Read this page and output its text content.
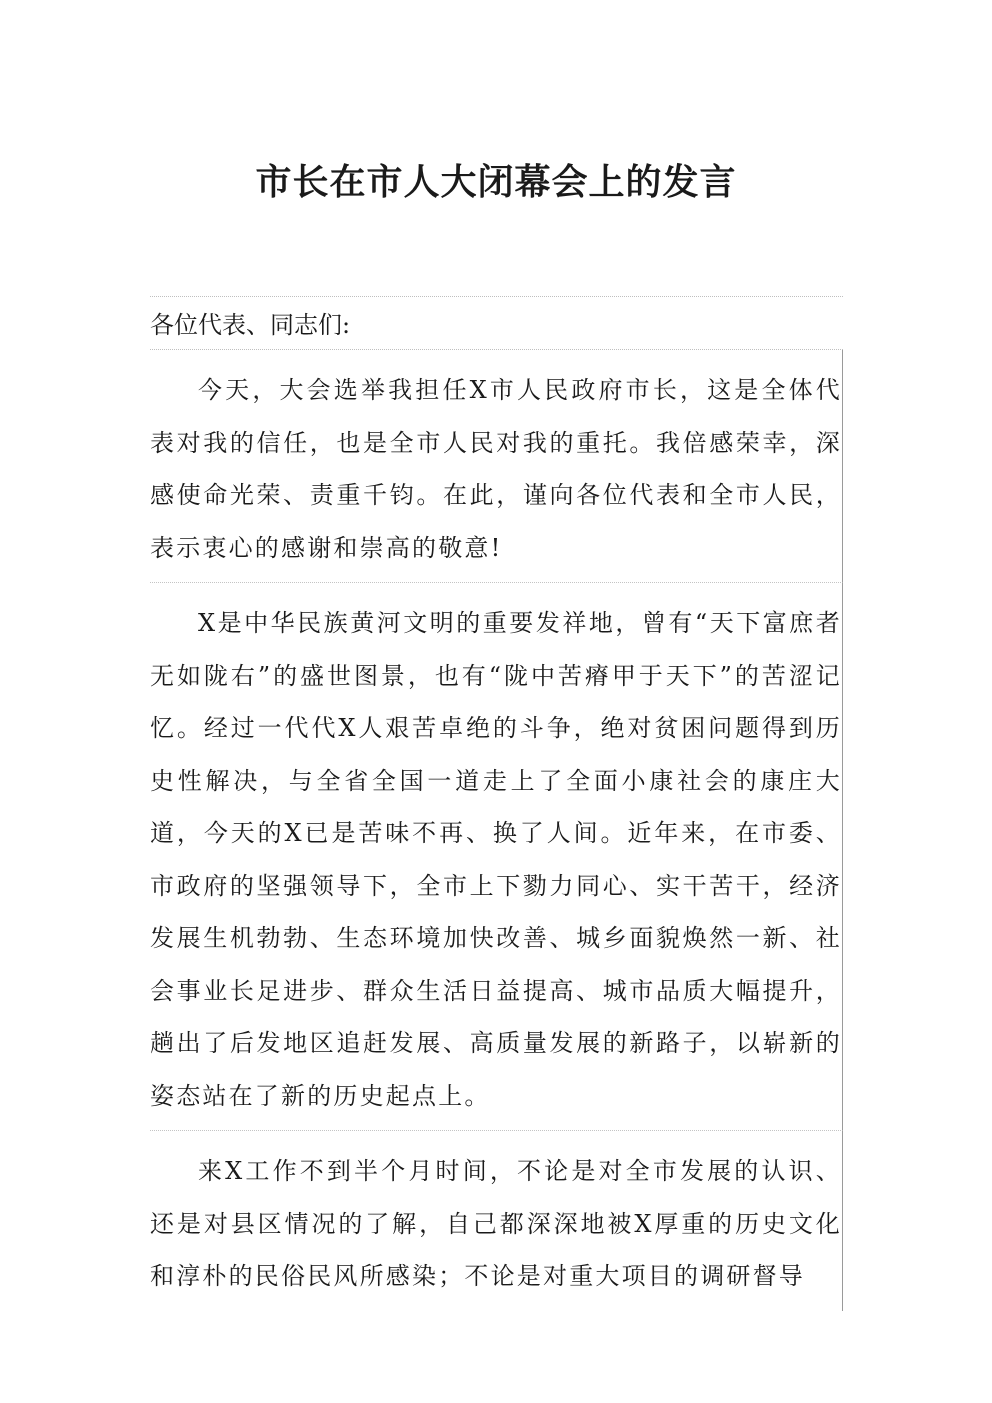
市长在市人大闭幕会上的发言
各位代表、同志们:

今天，大会选举我担任X市人民政府市长，这是全体代表对我的信任，也是全市人民对我的重托。我倍感荣幸，深感使命光荣、责重千钧。在此，谨向各位代表和全市人民，表示衷心的感谢和崇高的敬意!

X是中华民族黄河文明的重要发祥地，曾有“天下富庶者无如陇右”的盛世图景，也有“陇中苦瘠甲于天下”的苦涩记忆。经过一代代X人艰苦卓绝的斗争，绝对贫困问题得到历史性解决，与全省全国一道走上了全面小康社会的康庄大道，今天的X已是苦味不再、换了人间。近年来，在市委、市政府的坚强领导下，全市上下勠力同心、实干苦干，经济发展生机勃勃、生态环境加快改善、城乡面貌焕然一新、社会事业长足进步、群众生活日益提高、城市品质大幅提升，趟出了后发地区追赶发展、高质量发展的新路子，以崭新的姿态站在了新的历史起点上。

来X工作不到半个月时间，不论是对全市发展的认识、还是对县区情况的了解，自己都深深地被X厚重的历史文化和淳朴的民俗民风所感染；不论是对重大项目的调研督导
